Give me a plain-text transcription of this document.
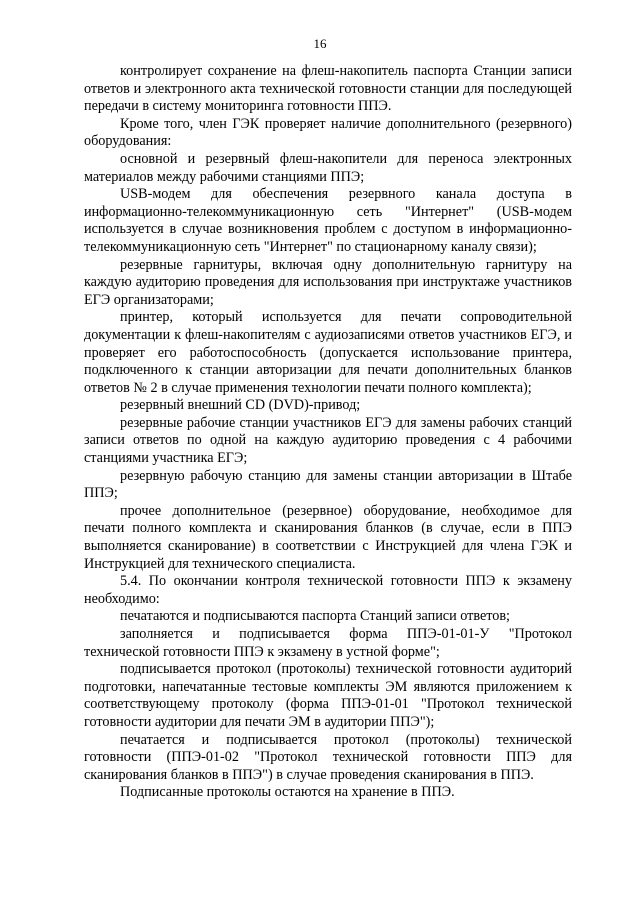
16

контролирует сохранение на флеш-накопитель паспорта Станции записи ответов и электронного акта технической готовности станции для последующей передачи в систему мониторинга готовности ППЭ.

Кроме того, член ГЭК проверяет наличие дополнительного (резервного) оборудования:

основной и резервный флеш-накопители для переноса электронных материалов между рабочими станциями ППЭ;

USB-модем для обеспечения резервного канала доступа в информационно-телекоммуникационную сеть "Интернет" (USB-модем используется в случае возникновения проблем с доступом в информационно-телекоммуникационную сеть "Интернет" по стационарному каналу связи);

резервные гарнитуры, включая одну дополнительную гарнитуру на каждую аудиторию проведения для использования при инструктаже участников ЕГЭ организаторами;

принтер, который используется для печати сопроводительной документации к флеш-накопителям с аудиозаписями ответов участников ЕГЭ, и проверяет его работоспособность (допускается использование принтера, подключенного к станции авторизации для печати дополнительных бланков ответов № 2 в случае применения технологии печати полного комплекта);

резервный внешний CD (DVD)-привод;

резервные рабочие станции участников ЕГЭ для замены рабочих станций записи ответов по одной на каждую аудиторию проведения с 4 рабочими станциями участника ЕГЭ;

резервную рабочую станцию для замены станции авторизации в Штабе ППЭ;

прочее дополнительное (резервное) оборудование, необходимое для печати полного комплекта и сканирования бланков (в случае, если в ППЭ выполняется сканирование) в соответствии с Инструкцией для члена ГЭК и Инструкцией для технического специалиста.

5.4. По окончании контроля технической готовности ППЭ к экзамену необходимо:

печатаются и подписываются паспорта Станций записи ответов;

заполняется и подписывается форма ППЭ-01-01-У "Протокол технической готовности ППЭ к экзамену в устной форме";

подписывается протокол (протоколы) технической готовности аудиторий подготовки, напечатанные тестовые комплекты ЭМ являются приложением к соответствующему протоколу (форма ППЭ-01-01 "Протокол технической готовности аудитории для печати ЭМ в аудитории ППЭ");

печатается и подписывается протокол (протоколы) технической готовности (ППЭ-01-02 "Протокол технической готовности ППЭ для сканирования бланков в ППЭ") в случае проведения сканирования в ППЭ.

Подписанные протоколы остаются на хранение в ППЭ.
